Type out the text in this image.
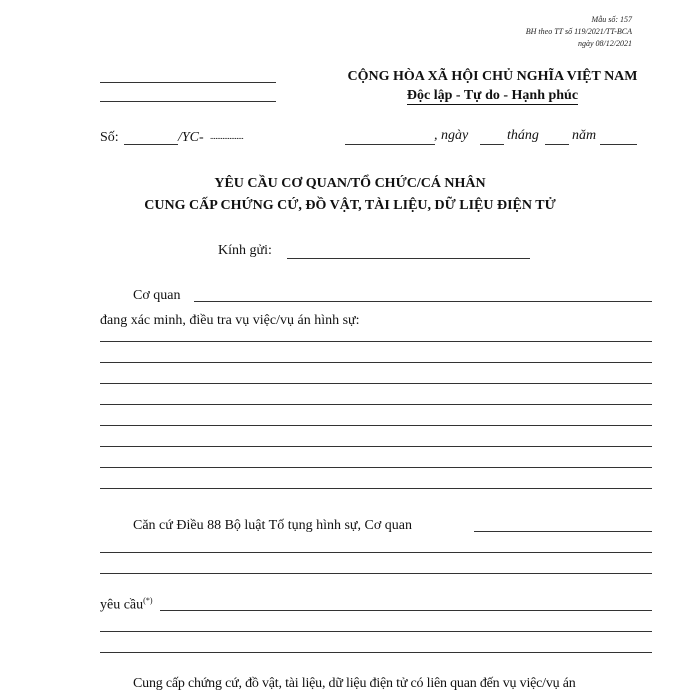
Mẫu số: 157
BH theo TT số 119/2021/TT-BCA
ngày 08/12/2021
CỘNG HÒA XÃ HỘI CHỦ NGHĨA VIỆT NAM
Độc lập - Tự do - Hạnh phúc
Số:	/YC- ...................	, ngày	tháng năm
YÊU CẦU CƠ QUAN/TỔ CHỨC/CÁ NHÂN
CUNG CẤP CHỨNG CỨ, ĐỒ VẬT, TÀI LIỆU, DỮ LIỆU ĐIỆN TỬ
Kính gửi:
Cơ quan
đang xác minh, điều tra vụ việc/vụ án hình sự:
Căn cứ Điều 88 Bộ luật Tố tụng hình sự, Cơ quan
yêu cầu(*)
Cung cấp chứng cứ, đồ vật, tài liệu, dữ liệu điện tử có liên quan đến vụ việc/vụ án
